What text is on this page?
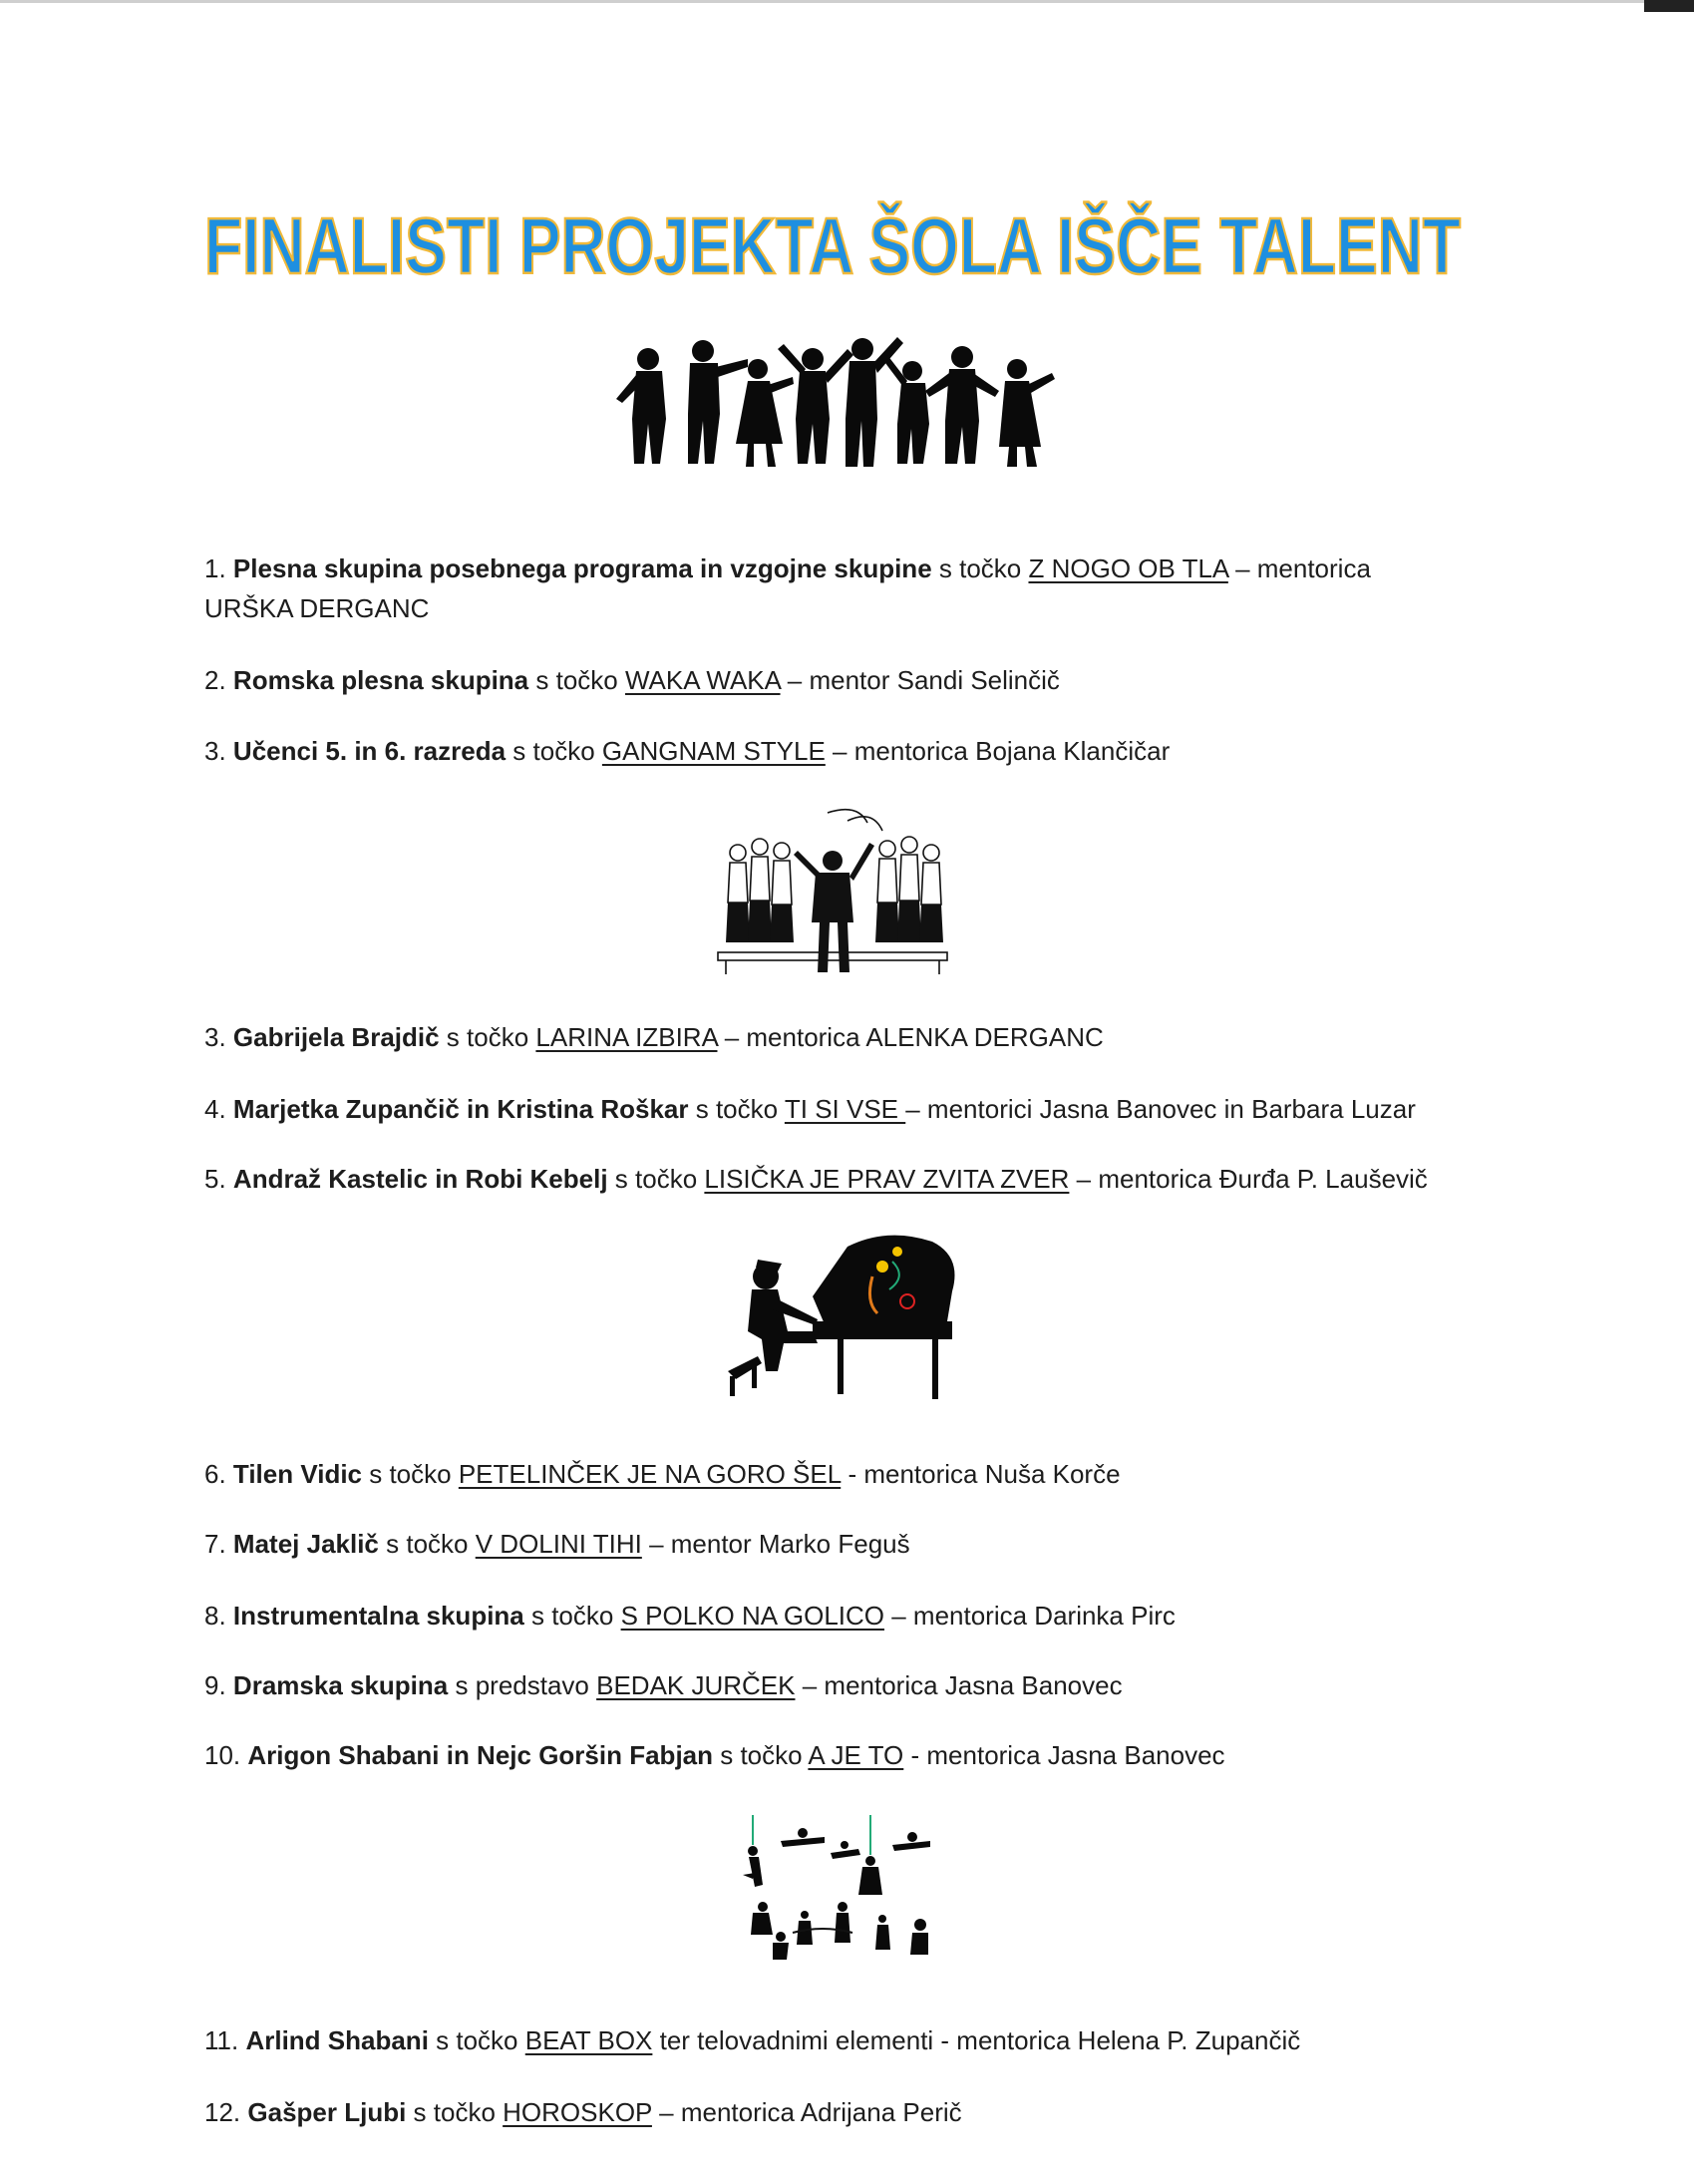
FINALISTI PROJEKTA ŠOLA IŠČE TALENT
1. Plesna skupina posebnega programa in vzgojne skupine s točko Z NOGO OB TLA – mentorica URŠKA DERGANC
2. Romska plesna skupina s točko WAKA WAKA – mentor Sandi Selinčič
3. Učenci 5. in 6. razreda s točko GANGNAM STYLE – mentorica Bojana Klančičar
3. Gabrijela Brajdič s točko LARINA IZBIRA – mentorica ALENKA DERGANC
4. Marjetka Zupančič in Kristina Roškar s točko TI SI VSE – mentorici Jasna Banovec in Barbara Luzar
5. Andraž Kastelic in Robi Kebelj s točko LISIČKA JE PRAV ZVITA ZVER – mentorica Đurđa P. Lauševič
6. Tilen Vidic s točko PETELINČEK JE NA GORO ŠEL - mentorica Nuša Korče
7. Matej Jaklič s točko V DOLINI TIHI – mentor Marko Feguš
8. Instrumentalna skupina s točko S POLKO NA GOLICO – mentorica Darinka Pirc
9. Dramska skupina s predstavo BEDAK JURČEK – mentorica Jasna Banovec
10. Arigon Shabani in Nejc Goršin Fabjan s točko A JE TO - mentorica Jasna Banovec
11. Arlind Shabani s točko BEAT BOX ter telovadnimi elementi - mentorica Helena P. Zupančič
12. Gašper Ljubi s točko HOROSKOP – mentorica Adrijana Perič
